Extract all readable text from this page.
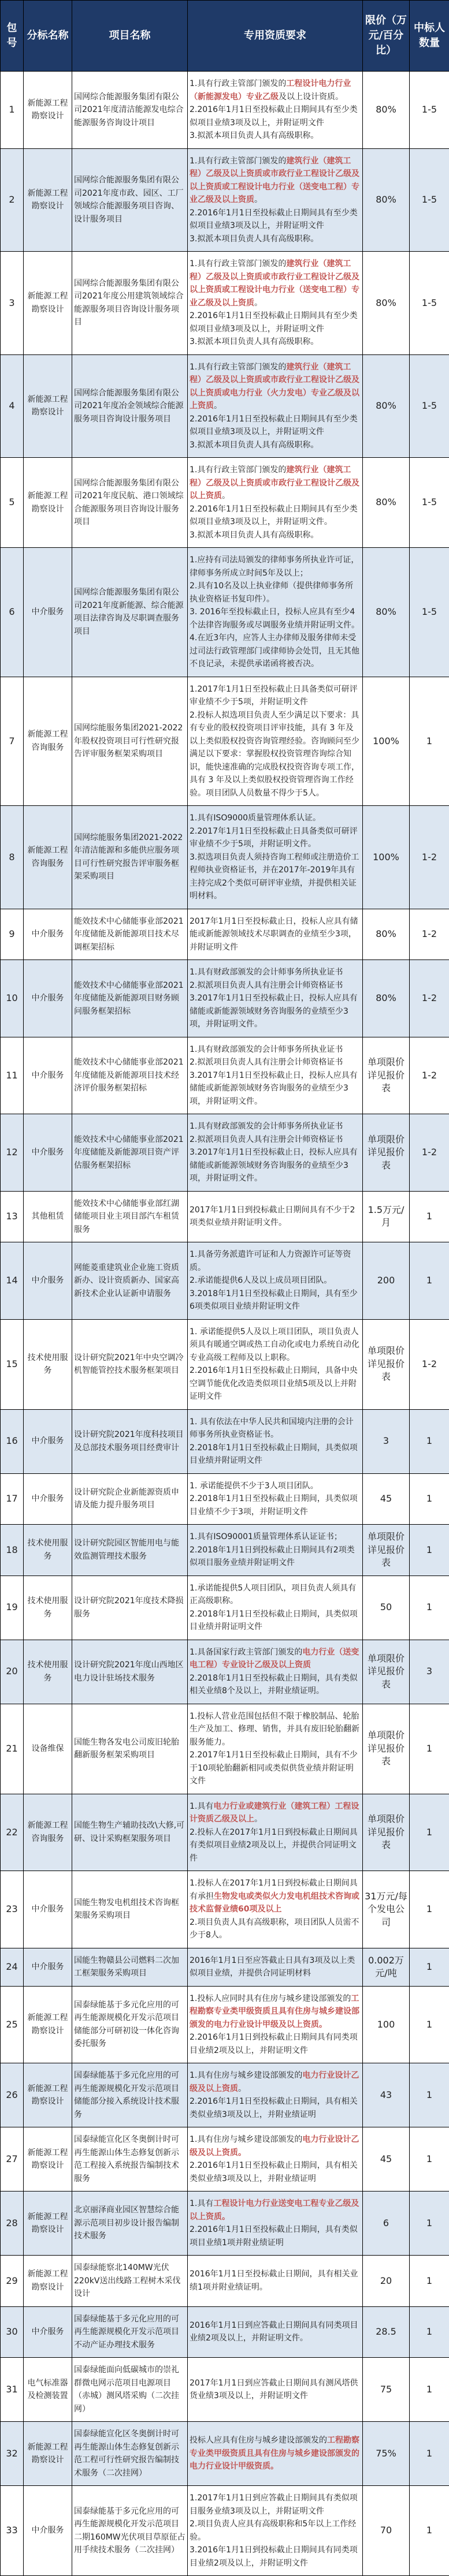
包号	分标名称	项目名称	专用资质要求	限价（万元/百分比）	中标人数量
1	新能源工程勘察设计	国网综合能源服务集团有限公司2021年度清洁能源发电综合能源服务咨询设计项目	1.具有行政主管部门颁发的工程设计电力行业（新能源发电）专业乙级及以上设计资质。
2.2016年1月1日至投标截止日期间具有至少类似项目业绩3项及以上，并附证明文件
3.拟派本项目负责人具有高级职称。	80%	1-5
2	新能源工程勘察设计	国网综合能源服务集团有限公司2021年度市政、园区、工厂领域综合能源服务项目咨询、设计服务项目	1.具有行政主管部门颁发的建筑行业（建筑工程）乙级及以上资质或市政行业工程设计乙级及以上资质或工程设计电力行业（送变电工程）专业乙级及以上资质。
2.2016年1月1日至投标截止日期间具有至少类似项目业绩3项及以上，并附证明文件
3.拟派本项目负责人具有高级职称。	80%	1-5
3	新能源工程勘察设计	国网综合能源服务集团有限公司2021年度公用建筑领域综合能源服务项目咨询设计服务项目	1.具有行政主管部门颁发的建筑行业（建筑工程）乙级及以上资质或市政行业工程设计乙级及以上资质或工程设计电力行业（送变电工程）专业乙级及以上资质。
2.2016年1月1日至投标截止日期间具有至少类似项目业绩3项及以上，并附证明文件
3.拟派本项目负责人具有高级职称。	80%	1-5
4	新能源工程勘察设计	国网综合能源服务集团有限公司2021年度冶金领域综合能源服务项目咨询设计服务项目	1.具有行政主管部门颁发的建筑行业（建筑工程）乙级及以上资质或市政行业工程设计乙级及以上资质或电力行业（火力发电）专业乙级及以上资质。
2.2016年1月1日至投标截止日期间具有至少类似项目业绩3项及以上，并附证明文件
3.拟派本项目负责人具有高级职称。	80%	1-5
5	新能源工程勘察设计	国网综合能源服务集团有限公司2021年度民航、港口领域综合能源服务项目咨询设计服务项目	1.具有行政主管部门颁发的建筑行业（建筑工程）乙级及以上资质或市政行业工程设计乙级及以上资质。
2.2016年1月1日至投标截止日期间具有至少类似项目业绩3项及以上，并附证明文件。
3.拟派本项目负责人具有高级职称。	80%	1-5
6	中介服务	国网综合能源服务集团有限公司2021年度新能源、综合能源项目法律咨询及尽职调查服务项目	1.应持有司法局颁发的律师事务所执业许可证，律师事务所成立时间5年及以上；
2.具有10名及以上执业律师（提供律师事务所执业资格证书复印件）。
3. 2016年至投标截止日，投标人应具有至少4个法律咨询服务或尽调服务业绩并附证明文件。
4.在近3年内，应答人主办律师及服务律师未受过司法行政管理部门或律师协会处罚，且无其他不良记录，未提供承诺函将被否决。	80%	1-5
7	新能源工程咨询服务	国网综能服务集团2021-2022年股权投资项目可行性研究报告评审服务框架采购项目	1.2017年1月1日至投标截止日具备类似可研评审业绩不少于5项，并附证明文件
2.投标人拟选项目负责人至少满足以下要求：具有专业的股权投资项目评审技能，具有 3 年及以上类似股权投资咨询管理经验。咨询顾问至少满足以下要求：掌握股权投资管理咨询综合知识，能快速准确的完成股权投资咨询专项工作，具有 3 年及以上类似股权投资管理咨询工作经验。项目团队人员数量不得少于5人。	100%	1
8	新能源工程咨询服务	国网综能服务集团2021-2022年清洁能源和多能供应服务项目可行性研究报告评审服务框架采购项目	1.具有ISO9000质量管理体系认证。
2.2017年1月1日至投标截止日具备类似可研评审业绩不少于5项，并附证明文件。
3.拟选项目负责人须持咨询工程师或注册造价工程师执业资格证书，并在2017年-2019年具有主持完成2个类似可研评审业绩，并提供相关证明材料。	100%	1-2
9	中介服务	能效技术中心储能事业部2021年度储能及新能源项目技术尽调框架招标	2017年1月1日至投标截止日，投标人应具有储能或新能源领域技术尽职调查的业绩至少3项，并附证明文件	80%	1-2
10	中介服务	能效技术中心储能事业部2021年度储能及新能源项目财务顾问服务框架招标	1.具有财政部颁发的会计师事务所执业证书
2.拟派项目负责人具有注册会计师资格证书
3.2017年1月1日至投标截止日，投标人应具有储能或新能源领域财务咨询服务的业绩至少3项，并附证明文件。	80%	1-2
11	中介服务	能效技术中心储能事业部2021年度储能及新能源项目技术经济评价服务框架招标	1.具有财政部颁发的会计师事务所执业证书
2.拟派项目负责人具有注册会计师资格证书
3.2017年1月1日至投标截止日，投标人应具有储能或新能源领域财务咨询服务的业绩至少3项，并附证明文件。	单项限价详见报价表	1-2
12	中介服务	能效技术中心储能事业部2021年度储能及新能源项目资产评估服务框架招标	1.具有财政部颁发的会计师事务所执业证书
2.拟派项目负责人具有注册会计师资格证书
3.2017年1月1日至投标截止日，投标人应具有储能或新能源领域财务咨询服务的业绩至少3项，并附证明文件。	单项限价详见报价表	1-2
13	其他租赁	能效技术中心储能事业部红湖储能项目业主项目部汽车租赁服务	2017年1月1日到投标截止日期间具有不少于2项类似业绩并附证明文件。	1.5万元/月	1
14	中介服务	网能菱重建筑业企业施工资质新办、设计资质新办、国家高新技术企业认证新申请服务	1.具备劳务派遣许可证和人力资源许可证等资质。
2.承诺能提供6人及以上成员项目团队。
3.2018年1月1日至投标截止日期间，具有至少6项类似项目业绩并附证明文件	200	1
15	技术使用服务	设计研究院2021年中央空调冷机智能管控技术服务框架项目	1. 承诺能提供5人及以上项目团队，项目负责人须具有暖通空调或热工自动化或电力系统自动化专业高级工程师及以上职称。
2.2016年1月1日至投标截止日期间，具备中央空调节能优化改造类似项目业绩5项及以上并附证明文件	单项限价详见报价表	1-2
16	中介服务	设计研究院2021年度科技项目及总部技术服务项目经费审计	1. 具有依法在中华人民共和国境内注册的会计师事务所执业资格证书。
2.2018年1月1日至投标截止日期间，具类似项目业绩并附证明文件	3	1
17	中介服务	设计研究院企业新能源资质申请及能力提升服务项目	1. 承诺能提供不少于3人项目团队。
2.2018年1月1日至投标截止日期间，具类似项目业绩不少于3项，并附证明文件	45	1
18	技术使用服务	设计研究院园区智能用电与能效监测管理技术服务	1.具有ISO90001质量管理体系认证证书；
2.2018年1月1日到投标截止日期间具有2项类似项目服务业绩并附证明文件	单项限价详见报价表	1
19	技术使用服务	设计研究院2021年度技术降损服务	1.承诺能提供5人项目团队，项目负责人须具有正高级职称。
2.2018年1月1日至投标截止日期间，具类似项目业绩并附证明文件	50	1
20	技术使用服务	设计研究院2021年度山西地区电力设计驻场技术服务	1.具备国家行政主管部门颁发的电力行业（送变电工程）专业设计乙级及以上资质
2.2018年1月1日至投标截止日期间，具有类似相关业绩8个及以上，并附业绩证明。	单项限价详见报价表	3
21	设备维保	国能生物各发电公司废旧轮胎翻新服务框架采购项目	1.投标人营业范围包括但不限于橡胶制品、轮胎生产及加工、修理、销售，并具有废旧轮胎翻新服务能力。
2.2017年1月1日至投标截止日期间，具有不少于10项轮胎翻新相同或类似供货业绩并附证明文件	单项限价详见报价表	1
22	新能源工程咨询服务	国能生物生产辅助技改\大修,可研、设计采购框架服务项目	1.具有电力行业或建筑行业（建筑工程）工程设计资质乙级及以上。
2.投标人在2017年1月1日到投标截止日期间具有类似项目业绩2项及以上，并提供合同证明文件	单项限价详见报价表	1
23	中介服务	国能生物发电机组技术咨询框架服务采购项目	1.投标人在2017年1月1日到投标截止日期间具有承担生物发电或类似火力发电机组技术咨询或技术监督业绩60项及以上
2.项目负责人具有高级职称，项目团队人员需不少于8人。	31万元/每个发电公司	1
24	中介服务	国能生物赣县公司燃料二次加工框架服务采购项目	2016年1月1日至应答截止日具有3项及以上类似项目业绩，并提供合同证明材料	0.002万元/吨	1
25	新能源工程勘察设计	国泰绿能基于多元化应用的可再生能源规模化开发示范项目储能部分可研初设一体化咨询委托服务	1.投标人应同时具有住房与城乡建设部颁发的工程勘察专业类甲级资质且具有住房与城乡建设部颁发的电力行业设计甲级及以上资质。
2.2016年1月1日到投标截止日期间具有同类项目业绩2项及以上，并附证明文件	100	1
26	新能源工程勘察设计	国泰绿能基于多元化应用的可再生能源规模化开发示范项目储能部分接入系统设计技术服务	1.具有住房与城乡建设部颁发的电力行业设计乙级及以上资质。
2.2016年1月1日至投标截止日期间，具有相关类似业绩3项及以上，并附业绩证明	43	1
27	新能源工程勘察设计	国泰绿能宣化区冬奥倒计时可再生能源山体生态修复创新示范工程接入系统报告编制技术服务	1.具有住房与城乡建设部颁发的电力行业设计乙级及以上资质。
2.2016年1月1日至投标截止日期间，具有相关类似业绩3项及以上，并附业绩证明	45	1
28	新能源工程勘察设计	北京丽泽商业园区智慧综合能源示范项目初步设计报告编制技术服务	1.具有工程设计电力行业送变电工程专业乙级及以上资质。
2.2016年1月1日至投标截止日期间，具有类似项目业绩1项并附业绩证明	6	1
29	新能源工程勘察设计	国泰绿能察北140MW光伏220kV送出线路工程树木采伐设计	2016年1月1日至投标截止日期间，具有相关业绩1项并附业绩证明。	20	1
30	中介服务	国泰绿能基于多元化应用的可再生能源规模化开发示范项目不动产证办理技术服务	2016年1月1日到应答截止日期间具有同类项目业绩2项及以上，并附证明文件。	28.5	1
31	电气标准器及检测装置	国泰绿能面向低碳城市的崇礼群微电网示范项目电源项目（赤城）测风塔采购（二次挂网）	2017年1月1日到应答截止日期间具有测风塔供货业绩3项及以上，并附证明文件	75	1
32	新能源工程勘察设计	国泰绿能宣化区冬奥倒计时可再生能源山体生态修复创新示范工程可行性研究报告编制技术服务（二次挂网）	投标人应具有住房与城乡建设部颁发的工程勘察专业类甲级资质且具有住房与城乡建设部颁发的电力行业设计甲级资质。	75%	1
33	中介服务	国泰绿能基于多元化应用的可再生能源规模化开发示范项目二期160MW光伏项目草原征占用手续技术服务（二次挂网）	1.2017年1月1日到应答截止日期间具有类似项目服务业绩3项及以上，并附证明文件
2.项目负责人应具有高级职称和5年以上工作经验。
3.2016年1月1日到投标截止日期间具有同类项目业绩2项及以上，并附证明文件	70	1
